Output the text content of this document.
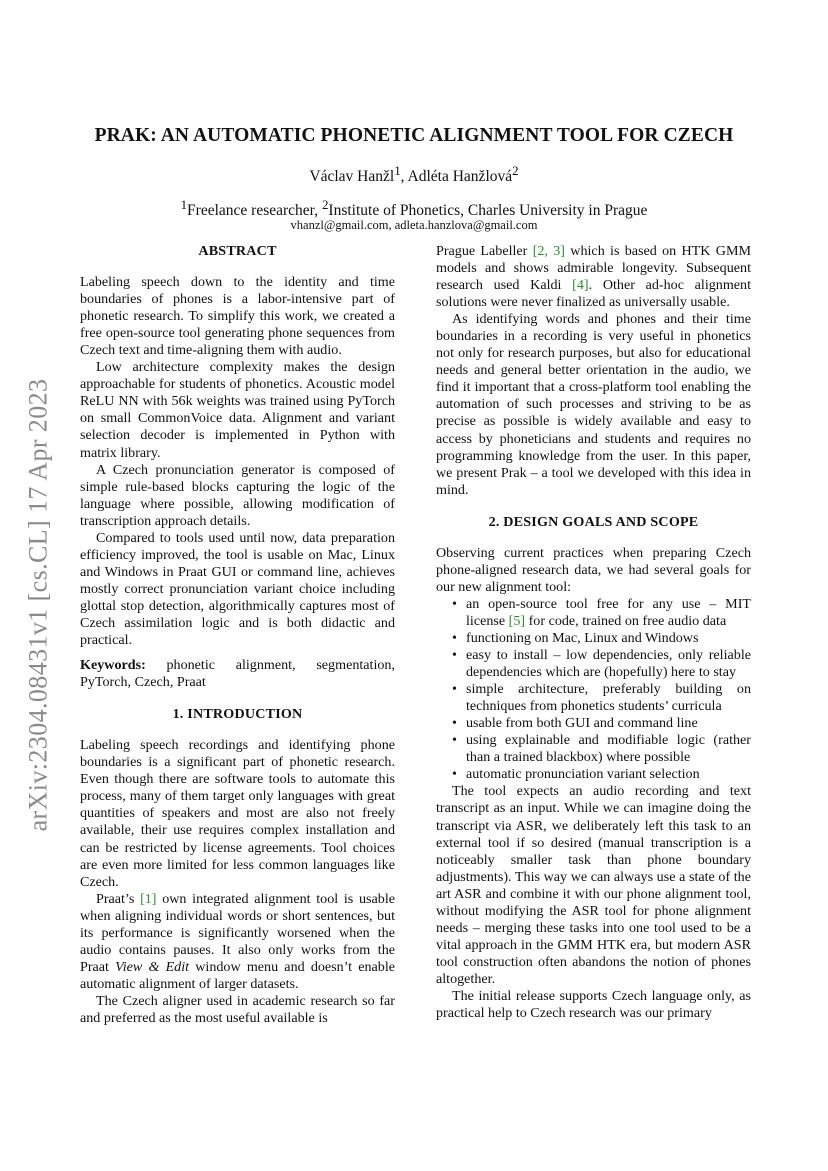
arXiv:2304.08431v1 [cs.CL] 17 Apr 2023
PRAK: AN AUTOMATIC PHONETIC ALIGNMENT TOOL FOR CZECH
Václav Hanžl$^1$, Adléta Hanžlová$^2$
$^1$Freelance researcher, $^2$Institute of Phonetics, Charles University in Prague
vhanzl@gmail.com, adleta.hanzlova@gmail.com
ABSTRACT

Labeling speech down to the identity and time boundaries of phones is a labor-intensive part of phonetic research. To simplify this work, we created a free open-source tool generating phone sequences from Czech text and time-aligning them with audio.

Low architecture complexity makes the design approachable for students of phonetics. Acoustic model ReLU NN with 56k weights was trained using PyTorch on small CommonVoice data. Alignment and variant selection decoder is implemented in Python with matrix library.

A Czech pronunciation generator is composed of simple rule-based blocks capturing the logic of the language where possible, allowing modification of transcription approach details.

Compared to tools used until now, data preparation efficiency improved, the tool is usable on Mac, Linux and Windows in Praat GUI or command line, achieves mostly correct pronunciation variant choice including glottal stop detection, algorithmically captures most of Czech assimilation logic and is both didactic and practical.

Keywords: phonetic alignment, segmentation, PyTorch, Czech, Praat

1. INTRODUCTION

Labeling speech recordings and identifying phone boundaries is a significant part of phonetic research. Even though there are software tools to automate this process, many of them target only languages with great quantities of speakers and most are also not freely available, their use requires complex installation and can be restricted by license agreements. Tool choices are even more limited for less common languages like Czech.

Praat’s [1] own integrated alignment tool is usable when aligning individual words or short sentences, but its performance is significantly worsened when the audio contains pauses. It also only works from the Praat View & Edit window menu and doesn’t enable automatic alignment of larger datasets.

The Czech aligner used in academic research so far and preferred as the most useful available is

Prague Labeller [2, 3] which is based on HTK GMM models and shows admirable longevity. Subsequent research used Kaldi [4]. Other ad-hoc alignment solutions were never finalized as universally usable.

As identifying words and phones and their time boundaries in a recording is very useful in phonetics not only for research purposes, but also for educational needs and general better orientation in the audio, we find it important that a cross-platform tool enabling the automation of such processes and striving to be as precise as possible is widely available and easy to access by phoneticians and students and requires no programming knowledge from the user. In this paper, we present Prak – a tool we developed with this idea in mind.

2. DESIGN GOALS AND SCOPE

Observing current practices when preparing Czech phone-aligned research data, we had several goals for our new alignment tool:

• an open-source tool free for any use – MIT license [5] for code, trained on free audio data
• functioning on Mac, Linux and Windows
• easy to install – low dependencies, only reliable dependencies which are (hopefully) here to stay
• simple architecture, preferably building on techniques from phonetics students’ curricula
• usable from both GUI and command line
• using explainable and modifiable logic (rather than a trained blackbox) where possible
• automatic pronunciation variant selection

The tool expects an audio recording and text transcript as an input. While we can imagine doing the transcript via ASR, we deliberately left this task to an external tool if so desired (manual transcription is a noticeably smaller task than phone boundary adjustments). This way we can always use a state of the art ASR and combine it with our phone alignment tool, without modifying the ASR tool for phone alignment needs – merging these tasks into one tool used to be a vital approach in the GMM HTK era, but modern ASR tool construction often abandons the notion of phones altogether.

The initial release supports Czech language only, as practical help to Czech research was our primary
